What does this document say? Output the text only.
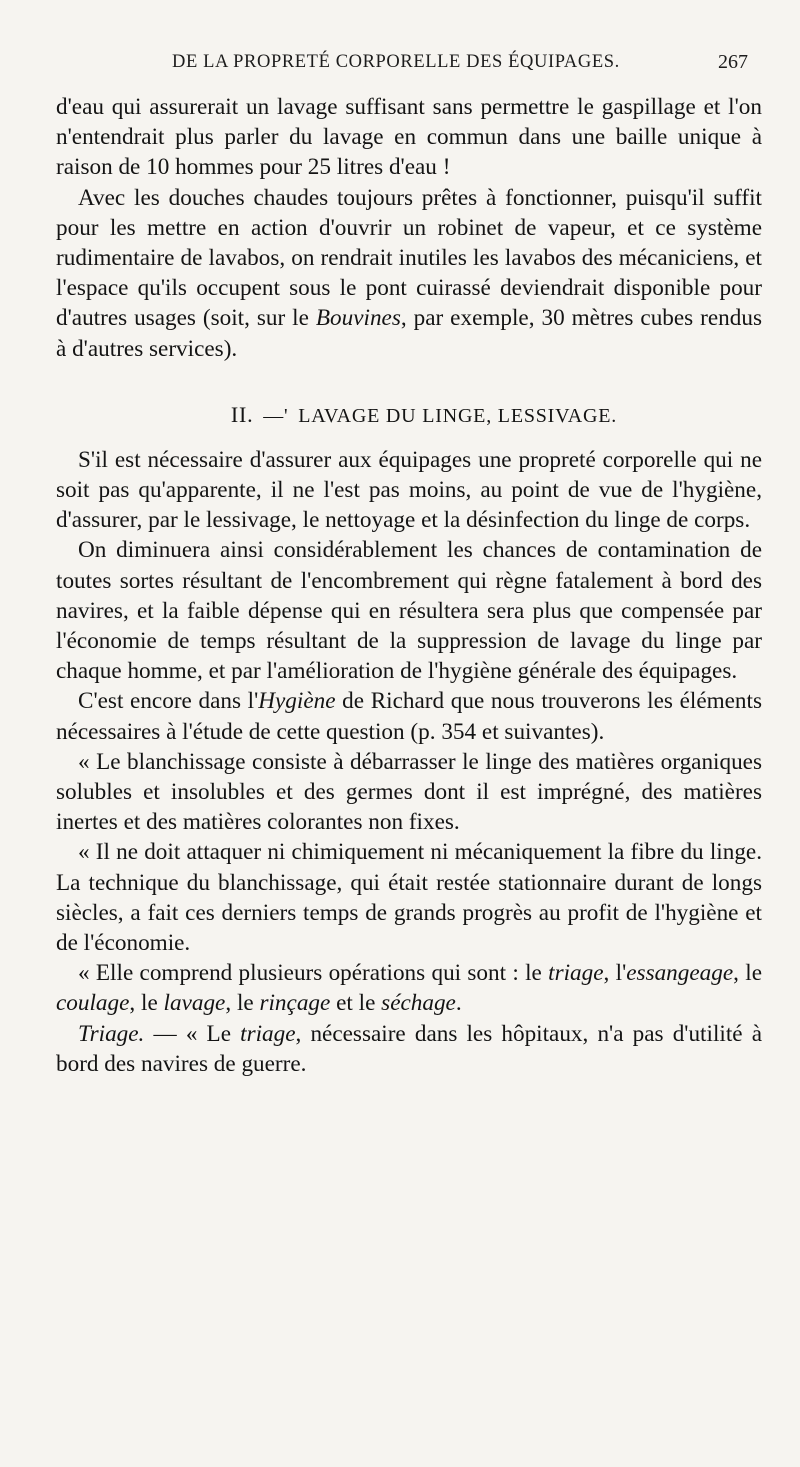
DE LA PROPRETÉ CORPORELLE DES ÉQUIPAGES.	267

d'eau qui assurerait un lavage suffisant sans permettre le gaspillage et l'on n'entendrait plus parler du lavage en commun dans une baille unique à raison de 10 hommes pour 25 litres d'eau !

Avec les douches chaudes toujours prêtes à fonctionner, puisqu'il suffit pour les mettre en action d'ouvrir un robinet de vapeur, et ce système rudimentaire de lavabos, on rendrait inutiles les lavabos des mécaniciens, et l'espace qu'ils occupent sous le pont cuirassé deviendrait disponible pour d'autres usages (soit, sur le Bouvines, par exemple, 30 mètres cubes rendus à d'autres services).

II. —' LAVAGE DU LINGE, LESSIVAGE.

S'il est nécessaire d'assurer aux équipages une propreté corporelle qui ne soit pas qu'apparente, il ne l'est pas moins, au point de vue de l'hygiène, d'assurer, par le lessivage, le nettoyage et la désinfection du linge de corps.

On diminuera ainsi considérablement les chances de contamination de toutes sortes résultant de l'encombrement qui règne fatalement à bord des navires, et la faible dépense qui en résultera sera plus que compensée par l'économie de temps résultant de la suppression de lavage du linge par chaque homme, et par l'amélioration de l'hygiène générale des équipages.

C'est encore dans l'Hygiène de Richard que nous trouverons les éléments nécessaires à l'étude de cette question (p. 354 et suivantes).

« Le blanchissage consiste à débarrasser le linge des matières organiques solubles et insolubles et des germes dont il est imprégné, des matières inertes et des matières colorantes non fixes.

« Il ne doit attaquer ni chimiquement ni mécaniquement la fibre du linge. La technique du blanchissage, qui était restée stationnaire durant de longs siècles, a fait ces derniers temps de grands progrès au profit de l'hygiène et de l'économie.

« Elle comprend plusieurs opérations qui sont : le triage, l'essangeage, le coulage, le lavage, le rinçage et le séchage.

Triage. — « Le triage, nécessaire dans les hôpitaux, n'a pas d'utilité à bord des navires de guerre.
